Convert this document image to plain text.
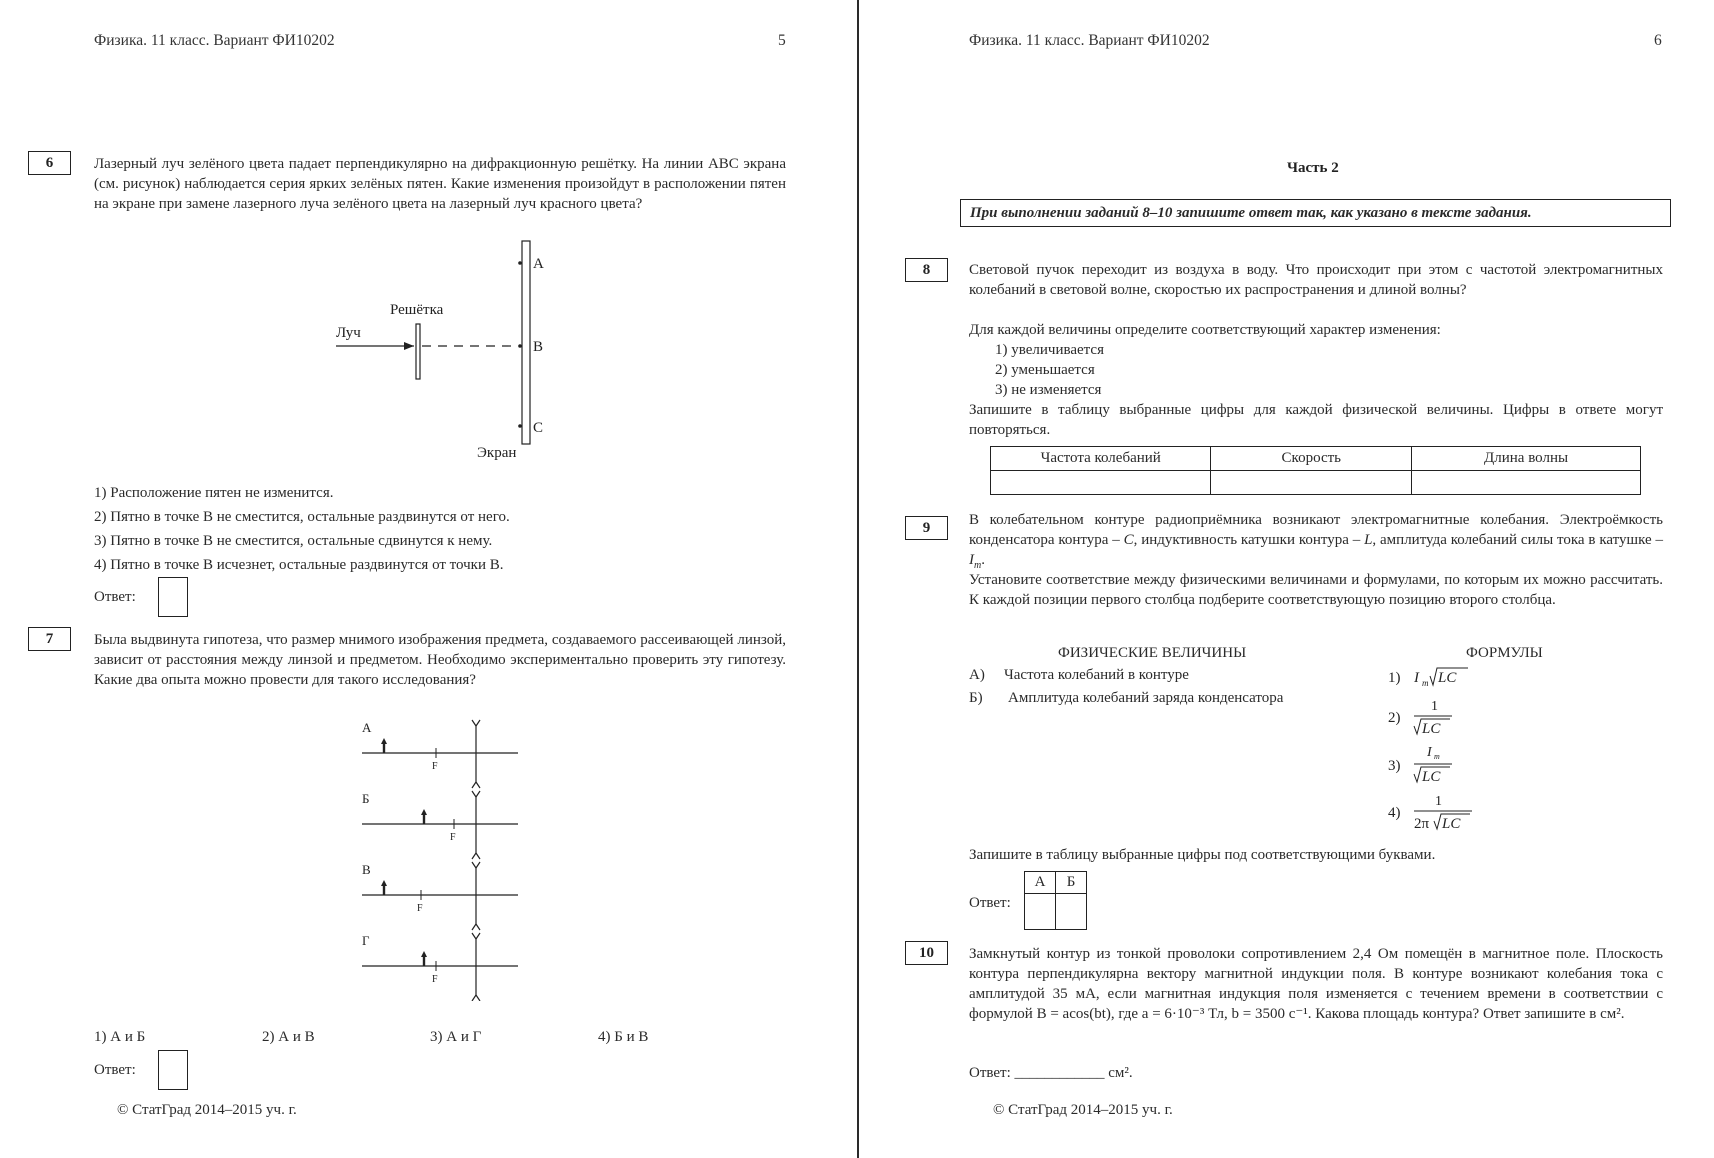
Физика. 11 класс. Вариант ФИ10202	5
6	Лазерный луч зелёного цвета падает перпендикулярно на дифракционную решётку. На линии АВС экрана (см. рисунок) наблюдается серия ярких зелёных пятен. Какие изменения произойдут в расположении пятен на экране при замене лазерного луча зелёного цвета на лазерный луч красного цвета?
A
B
C
Решётка
Луч
Экран
1) Расположение пятен не изменится.
2) Пятно в точке В не сместится, остальные раздвинутся от него.
3) Пятно в точке В не сместится, остальные сдвинутся к нему.
4) Пятно в точке В исчезнет, остальные раздвинутся от точки В.
Ответ:
7	Была выдвинута гипотеза, что размер мнимого изображения предмета, создаваемого рассеивающей линзой, зависит от расстояния между линзой и предметом. Необходимо экспериментально проверить эту гипотезу. Какие два опыта можно провести для такого исследования?
А
F
Б
F
В
F
Г
F
1) А и Б	2) А и В	3) А и Г	4) Б и В
Ответ:
© СтатГрад 2014–2015 уч. г.
Физика. 11 класс. Вариант ФИ10202	6
Часть 2
При выполнении заданий 8–10 запишите ответ так, как указано в тексте задания.
8	Световой пучок переходит из воздуха в воду. Что происходит при этом с частотой электромагнитных колебаний в световой волне, скоростью их распространения и длиной волны?
Для каждой величины определите соответствующий характер изменения:
1) увеличивается
2) уменьшается
3) не изменяется
Запишите в таблицу выбранные цифры для каждой физической величины. Цифры в ответе могут повторяться.
Частота колебаний	Скорость	Длина волны

9	В колебательном контуре радиоприёмника возникают электромагнитные колебания. Электроёмкость конденсатора контура – C, индуктивность катушки контура – L, амплитуда колебаний силы тока в катушке – $I_m$.
Установите соответствие между физическими величинами и формулами, по которым их можно рассчитать. К каждой позиции первого столбца подберите соответствующую позицию второго столбца.
ФИЗИЧЕСКИЕ ВЕЛИЧИНЫ	ФОРМУЛЫ
А) Частота колебаний в контуре
Б) Амплитуда колебаний заряда конденсатора
1) I m LC
2)
1
LC
3)
I m
LC
4)
1
2π LC
Запишите в таблицу выбранные цифры под соответствующими буквами.
Ответ:
А	Б

10	Замкнутый контур из тонкой проволоки сопротивлением 2,4 Ом помещён в магнитное поле. Плоскость контура перпендикулярна вектору магнитной индукции поля. В контуре возникают колебания тока с амплитудой 35 мА, если магнитная индукция поля изменяется с течением времени в соответствии с формулой B = acos(bt), где a = 6·10⁻³ Тл, b = 3500 с⁻¹. Какова площадь контура? Ответ запишите в см².
Ответ: ____________ см².
© СтатГрад 2014–2015 уч. г.
